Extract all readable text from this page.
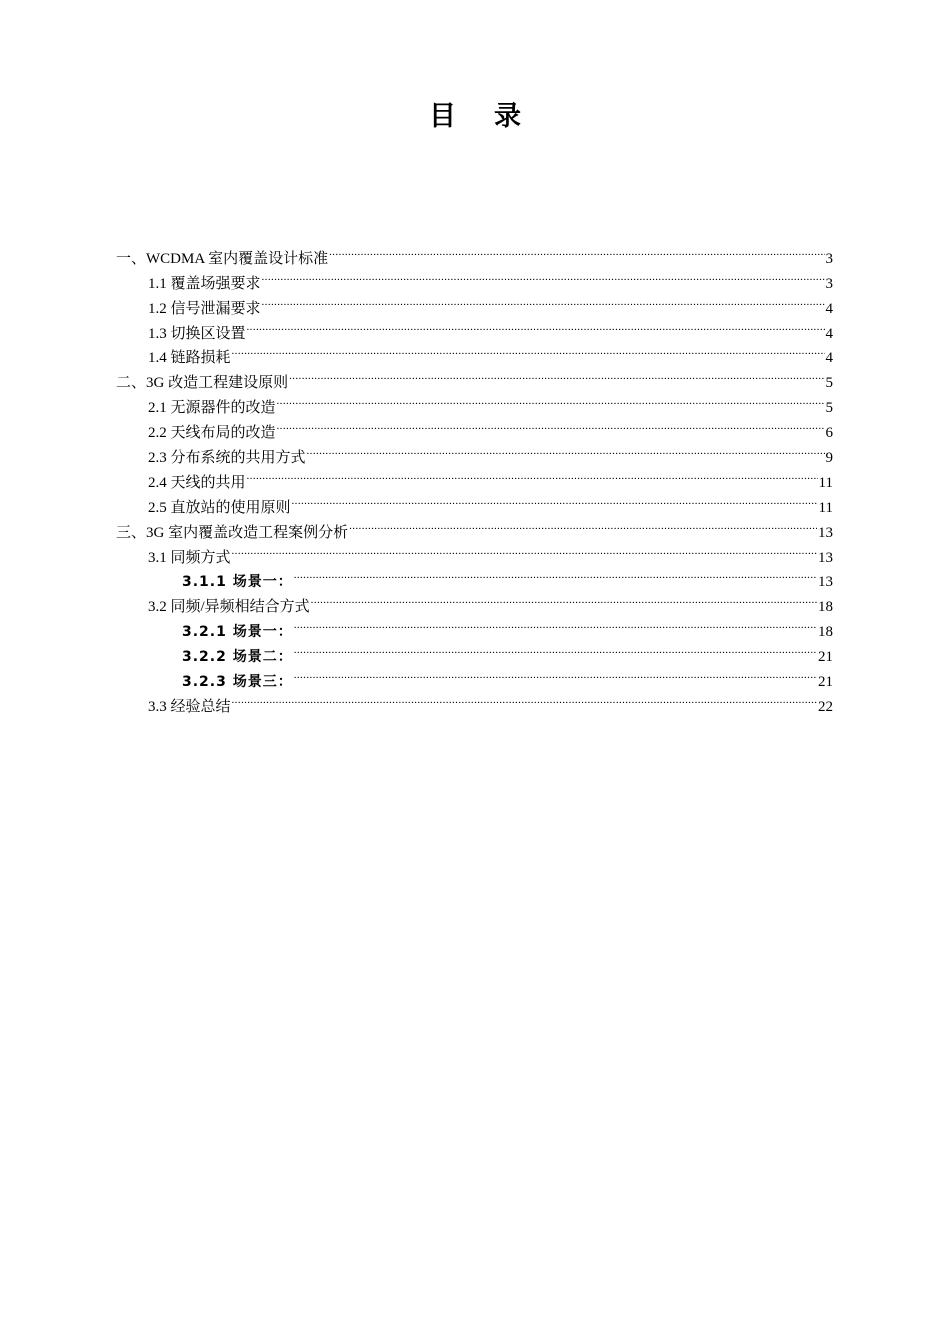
目录
一、WCDMA 室内覆盖设计标准 .....	3
1.1 覆盖场强要求 .....	3
1.2 信号泄漏要求 .....	4
1.3 切换区设置 .....	4
1.4 链路损耗 .....	4
二、3G 改造工程建设原则 .....	5
2.1 无源器件的改造 .....	5
2.2 天线布局的改造 .....	6
2.3 分布系统的共用方式 .....	9
2.4 天线的共用 .....	11
2.5 直放站的使用原则 .....	11
三、3G 室内覆盖改造工程案例分析 .....	13
3.1 同频方式 .....	13
3.1.1 场景一： .....	13
3.2 同频/异频相结合方式 .....	18
3.2.1 场景一： .....	18
3.2.2 场景二： .....	21
3.2.3 场景三： .....	21
3.3 经验总结 .....	22
